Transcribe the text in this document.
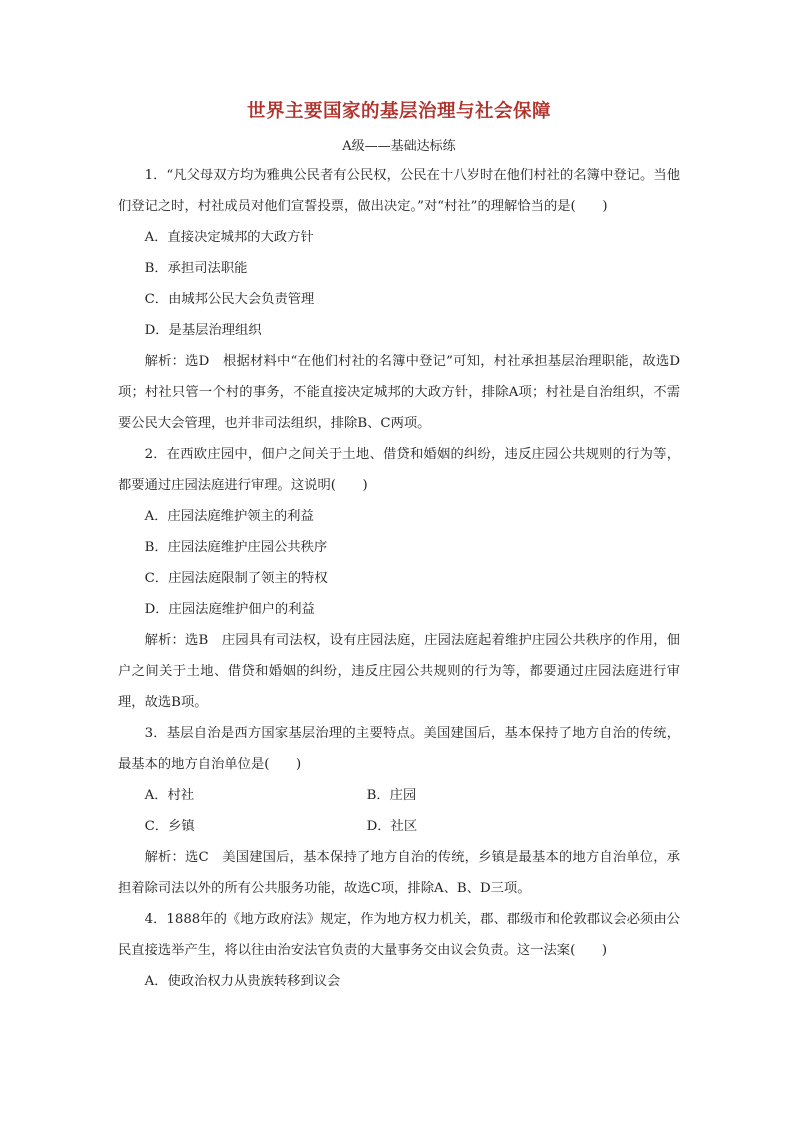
世界主要国家的基层治理与社会保障
A级——基础达标练

1．“凡父母双方均为雅典公民者有公民权，公民在十八岁时在他们村社的名簿中登记。当他们登记之时，村社成员对他们宣誓投票，做出决定。”对“村社”的理解恰当的是(　　)

A．直接决定城邦的大政方针

B．承担司法职能

C．由城邦公民大会负责管理

D．是基层治理组织

解析：选D　根据材料中“在他们村社的名簿中登记”可知，村社承担基层治理职能，故选D项；村社只管一个村的事务，不能直接决定城邦的大政方针，排除A项；村社是自治组织，不需要公民大会管理，也并非司法组织，排除B、C两项。

2．在西欧庄园中，佃户之间关于土地、借贷和婚姻的纠纷，违反庄园公共规则的行为等，都要通过庄园法庭进行审理。这说明(　　)

A．庄园法庭维护领主的利益

B．庄园法庭维护庄园公共秩序

C．庄园法庭限制了领主的特权

D．庄园法庭维护佃户的利益

解析：选B　庄园具有司法权，设有庄园法庭，庄园法庭起着维护庄园公共秩序的作用，佃户之间关于土地、借贷和婚姻的纠纷，违反庄园公共规则的行为等，都要通过庄园法庭进行审理，故选B项。

3．基层自治是西方国家基层治理的主要特点。美国建国后，基本保持了地方自治的传统，最基本的地方自治单位是(　　)

A．村社	B．庄园
C．乡镇	D．社区

解析：选C　美国建国后，基本保持了地方自治的传统，乡镇是最基本的地方自治单位，承担着除司法以外的所有公共服务功能，故选C项，排除A、B、D三项。

4．1888年的《地方政府法》规定，作为地方权力机关，郡、郡级市和伦敦郡议会必须由公民直接选举产生，将以往由治安法官负责的大量事务交由议会负责。这一法案(　　)

A．使政治权力从贵族转移到议会
